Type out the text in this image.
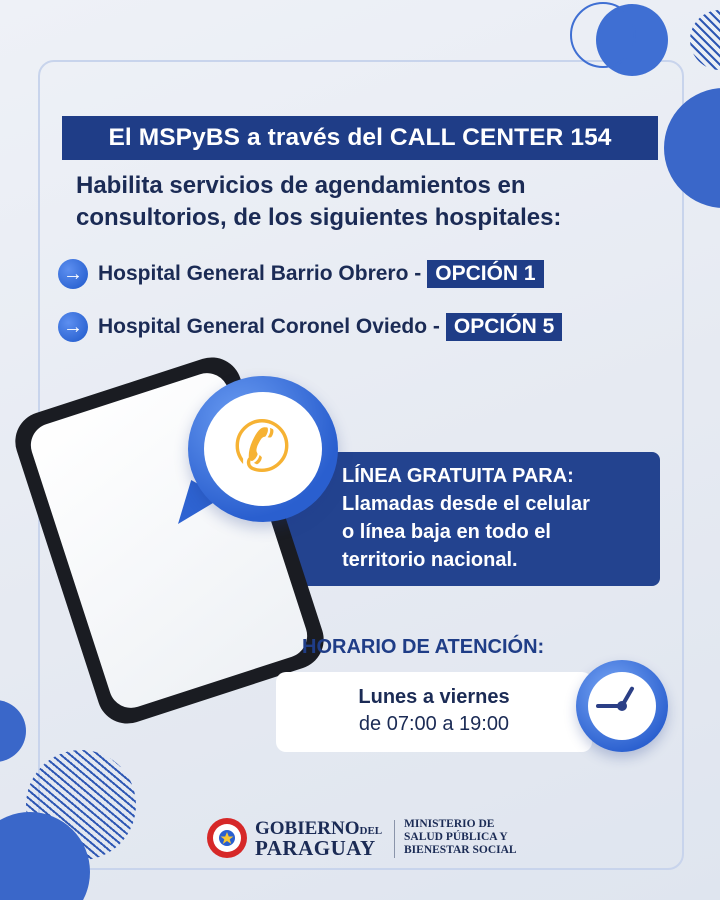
El MSPyBS a través del CALL CENTER 154
Habilita servicios de agendamientos en
consultorios, de los siguientes hospitales:
→ Hospital General Barrio Obrero - OPCIÓN 1
→ Hospital General Coronel Oviedo - OPCIÓN 5
LÍNEA GRATUITA PARA:
Llamadas desde el celular
o línea baja en todo el
territorio nacional.
✆
HORARIO DE ATENCIÓN:
Lunes a viernes
de 07:00 a 19:00
GOBIERNODEL
PARAGUAY
MINISTERIO DE
SALUD PÚBLICA Y
BIENESTAR SOCIAL
